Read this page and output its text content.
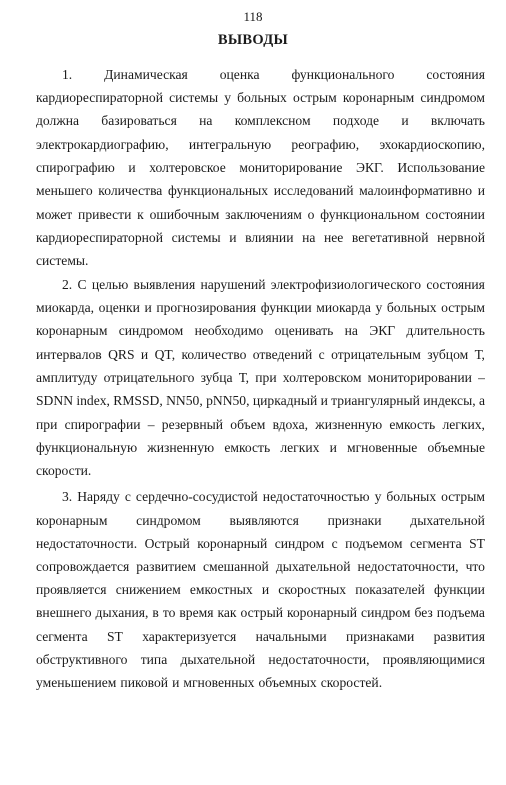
118
ВЫВОДЫ
1. Динамическая оценка функционального состояния
кардиореспираторной системы у больных острым коронарным синдромом
должна базироваться на комплексном подходе и включать
электрокардиографию, интегральную реографию, эхокардиоскопию,
спирографию и холтеровское мониторирование ЭКГ. Использование
меньшего количества функциональных исследований малоинформативно и
может привести к ошибочным заключениям о функциональном состоянии
кардиореспираторной системы и влиянии на нее вегетативной нервной
системы.
2. С целью выявления нарушений электрофизиологического состояния
миокарда, оценки и прогнозирования функции миокарда у больных острым
коронарным синдромом необходимо оценивать на ЭКГ длительность
интервалов QRS и QT, количество отведений с отрицательным зубцом Т,
амплитуду отрицательного зубца Т, при холтеровском мониторировании –
SDNN index, RMSSD, NN50, pNN50, циркадный и триангулярный индексы, а
при спирографии – резервный объем вдоха, жизненную емкость легких,
функциональную жизненную емкость легких и мгновенные объемные
скорости.
3. Наряду с сердечно-сосудистой недостаточностью у больных острым
коронарным синдромом выявляются признаки дыхательной
недостаточности. Острый коронарный синдром с подъемом сегмента ST
сопровождается развитием смешанной дыхательной недостаточности, что
проявляется снижением емкостных и скоростных показателей функции
внешнего дыхания, в то время как острый коронарный синдром без подъема
сегмента ST характеризуется начальными признаками развития
обструктивного типа дыхательной недостаточности, проявляющимися
уменьшением пиковой и мгновенных объемных скоростей.
